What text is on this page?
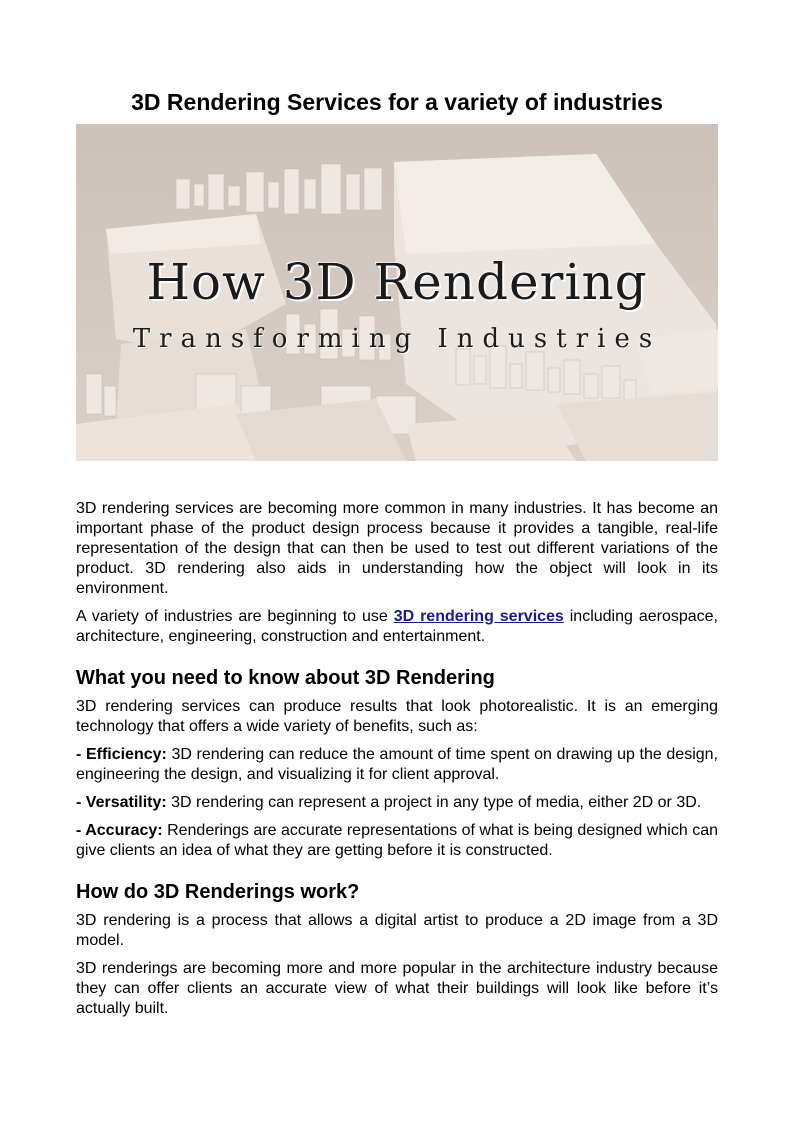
3D Rendering Services for a variety of industries
How 3D Rendering
Transforming Industries

3D rendering services are becoming more common in many industries. It has become an important phase of the product design process because it provides a tangible, real-life representation of the design that can then be used to test out different variations of the product. 3D rendering also aids in understanding how the object will look in its environment.

A variety of industries are beginning to use 3D rendering services including aerospace, architecture, engineering, construction and entertainment.

What you need to know about 3D Rendering

3D rendering services can produce results that look photorealistic. It is an emerging technology that offers a wide variety of benefits, such as:

- Efficiency: 3D rendering can reduce the amount of time spent on drawing up the design, engineering the design, and visualizing it for client approval.

- Versatility: 3D rendering can represent a project in any type of media, either 2D or 3D.

- Accuracy: Renderings are accurate representations of what is being designed which can give clients an idea of what they are getting before it is constructed.

How do 3D Renderings work?

3D rendering is a process that allows a digital artist to produce a 2D image from a 3D model.

3D renderings are becoming more and more popular in the architecture industry because they can offer clients an accurate view of what their buildings will look like before it’s actually built.
